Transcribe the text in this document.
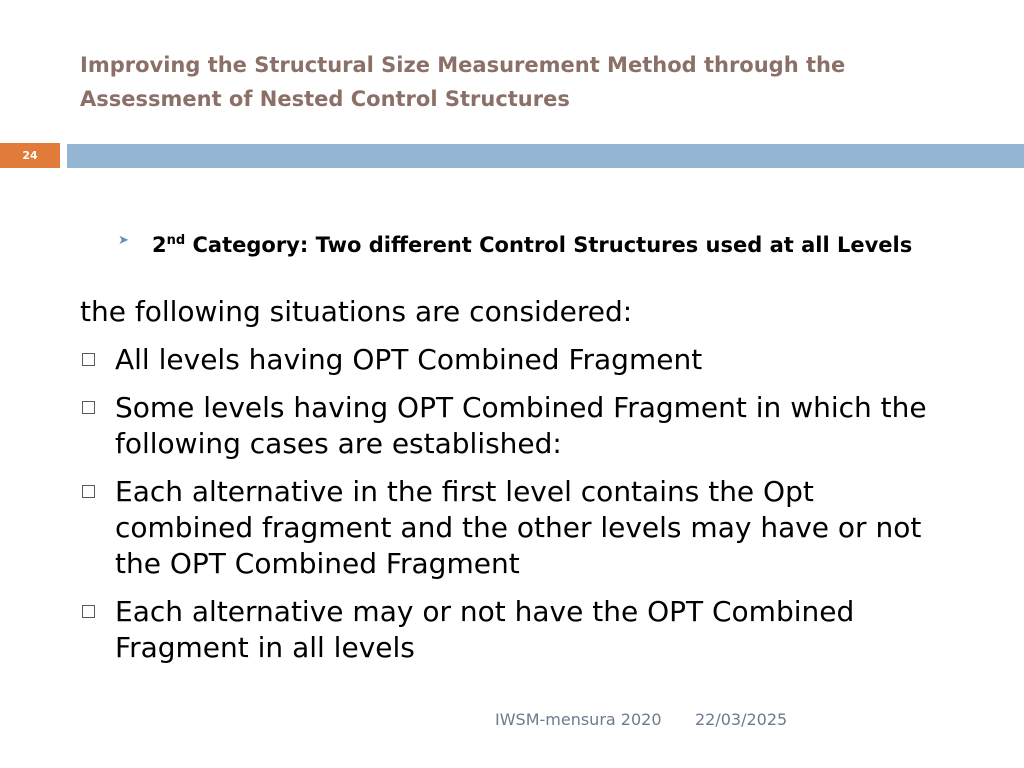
Improving the Structural Size Measurement Method through the Assessment of Nested Control Structures
24
➤ 2nd Category: Two different Control Structures used at all Levels
the following situations are considered:
All levels having OPT Combined Fragment
Some levels having OPT Combined Fragment in which the following cases are established:
Each alternative in the first level contains the Opt combined fragment and the other levels may have or not the OPT Combined Fragment
Each alternative may or not have the OPT Combined Fragment in all levels
IWSM-mensura 2020 22/03/2025
